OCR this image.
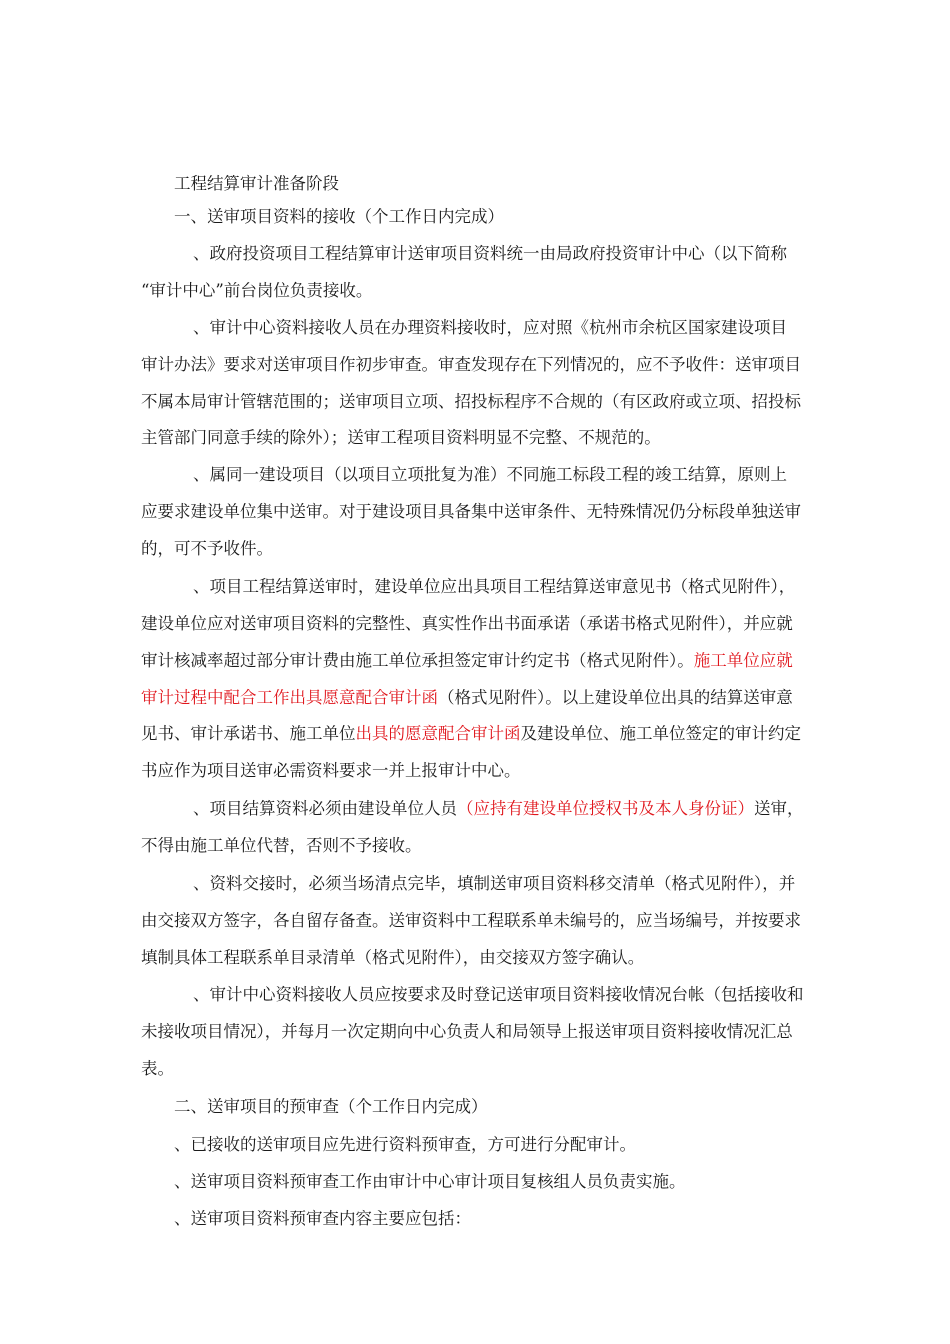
工程结算审计准备阶段
一、送审项目资料的接收（个工作日内完成）
、政府投资项目工程结算审计送审项目资料统一由局政府投资审计中心（以下简称
“审计中心”前台岗位负责接收。
、审计中心资料接收人员在办理资料接收时，应对照《杭州市余杭区国家建设项目
审计办法》要求对送审项目作初步审查。审查发现存在下列情况的，应不予收件：送审项目
不属本局审计管辖范围的；送审项目立项、招投标程序不合规的（有区政府或立项、招投标
主管部门同意手续的除外）；送审工程项目资料明显不完整、不规范的。
、属同一建设项目（以项目立项批复为准）不同施工标段工程的竣工结算，原则上
应要求建设单位集中送审。对于建设项目具备集中送审条件、无特殊情况仍分标段单独送审
的，可不予收件。
、项目工程结算送审时，建设单位应出具项目工程结算送审意见书（格式见附件），
建设单位应对送审项目资料的完整性、真实性作出书面承诺（承诺书格式见附件），并应就
审计核减率超过部分审计费由施工单位承担签定审计约定书（格式见附件）。施工单位应就
审计过程中配合工作出具愿意配合审计函（格式见附件）。以上建设单位出具的结算送审意
见书、审计承诺书、施工单位出具的愿意配合审计函及建设单位、施工单位签定的审计约定
书应作为项目送审必需资料要求一并上报审计中心。
、项目结算资料必须由建设单位人员（应持有建设单位授权书及本人身份证）送审，
不得由施工单位代替，否则不予接收。
、资料交接时，必须当场清点完毕，填制送审项目资料移交清单（格式见附件），并
由交接双方签字，各自留存备查。送审资料中工程联系单未编号的，应当场编号，并按要求
填制具体工程联系单目录清单（格式见附件），由交接双方签字确认。
、审计中心资料接收人员应按要求及时登记送审项目资料接收情况台帐（包括接收和
未接收项目情况），并每月一次定期向中心负责人和局领导上报送审项目资料接收情况汇总
表。
二、送审项目的预审查（个工作日内完成）
、已接收的送审项目应先进行资料预审查，方可进行分配审计。
、送审项目资料预审查工作由审计中心审计项目复核组人员负责实施。
、送审项目资料预审查内容主要应包括：
